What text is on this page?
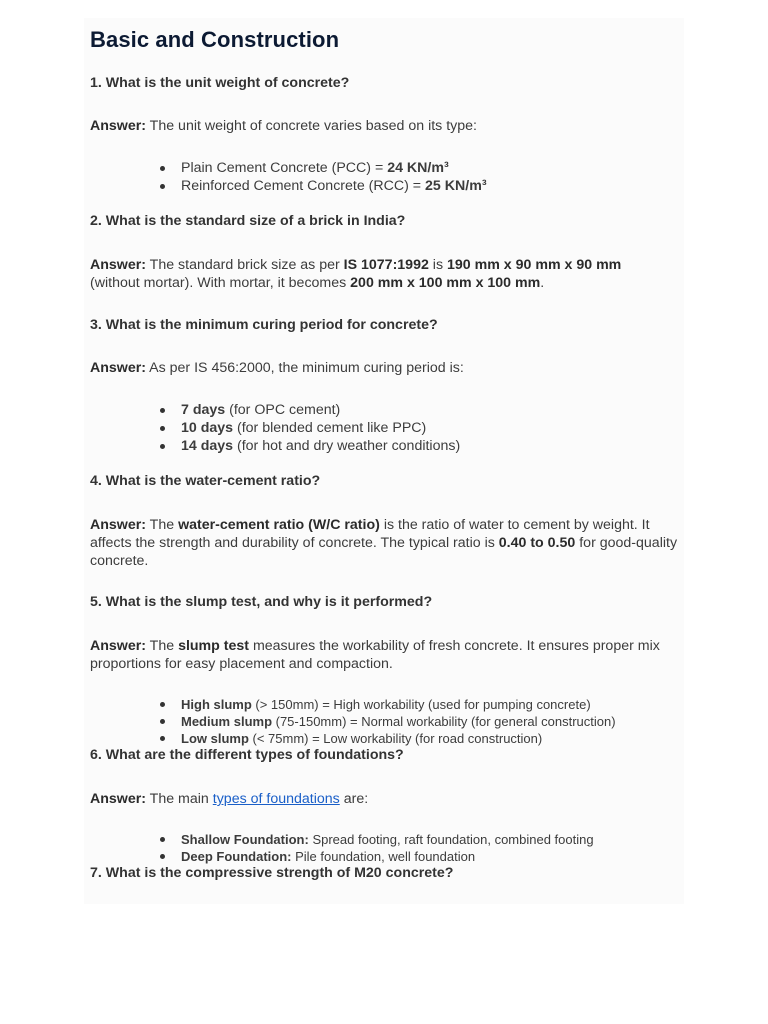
Basic and Construction

1. What is the unit weight of concrete?

Answer: The unit weight of concrete varies based on its type:

Plain Cement Concrete (PCC) = 24 KN/m³
Reinforced Cement Concrete (RCC) = 25 KN/m³

2. What is the standard size of a brick in India?

Answer: The standard brick size as per IS 1077:1992 is 190 mm x 90 mm x 90 mm (without mortar). With mortar, it becomes 200 mm x 100 mm x 100 mm.

3. What is the minimum curing period for concrete?

Answer: As per IS 456:2000, the minimum curing period is:

7 days (for OPC cement)
10 days (for blended cement like PPC)
14 days (for hot and dry weather conditions)

4. What is the water-cement ratio?

Answer: The water-cement ratio (W/C ratio) is the ratio of water to cement by weight. It affects the strength and durability of concrete. The typical ratio is 0.40 to 0.50 for good-quality concrete.

5. What is the slump test, and why is it performed?

Answer: The slump test measures the workability of fresh concrete. It ensures proper mix proportions for easy placement and compaction.

High slump (> 150mm) = High workability (used for pumping concrete)
Medium slump (75-150mm) = Normal workability (for general construction)
Low slump (< 75mm) = Low workability (for road construction)

6. What are the different types of foundations?

Answer: The main types of foundations are:

Shallow Foundation: Spread footing, raft foundation, combined footing
Deep Foundation: Pile foundation, well foundation

7. What is the compressive strength of M20 concrete?
